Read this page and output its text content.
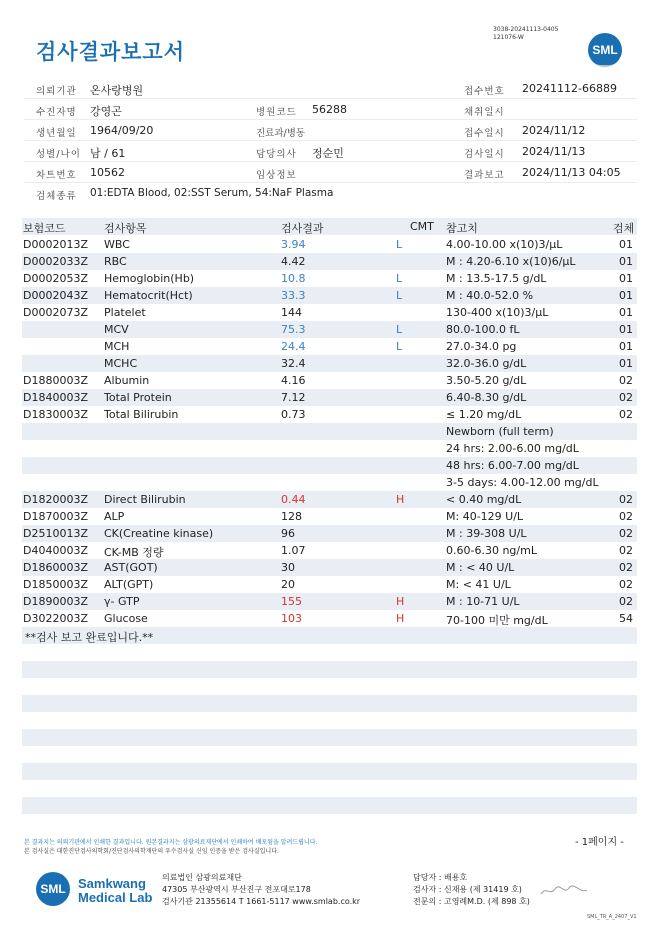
검사결과보고서
3038-20241113-0405
121076-W
SML
의뢰기관 온사랑병원	접수번호 20241112-66889
수진자명 강영곤	병원코드 56288	채취일시
생년월일 1964/09/20	진료과/병동	접수일시 2024/11/12
성별/나이 남 / 61	담당의사 정순민	검사일시 2024/11/13
차트번호 10562	임상정보	결과보고 2024/11/13 04:05
검체종류 01:EDTA Blood, 02:SST Serum, 54:NaF Plasma
보험코드	검사항목	검사결과	CMT 참고치	검체
D0002013Z WBC	3.94	L	4.00-10.00 x(10)3/μL	01
D0002033Z RBC	4.42	M : 4.20-6.10 x(10)6/μL	01
D0002053Z Hemoglobin(Hb)	10.8	L	M : 13.5-17.5 g/dL	01
D0002043Z Hematocrit(Hct)	33.3	L	M : 40.0-52.0 %	01
D0002073Z Platelet	144	130-400 x(10)3/μL	01
MCV	75.3	L	80.0-100.0 fL	01
MCH	24.4	L	27.0-34.0 pg	01
MCHC	32.4	32.0-36.0 g/dL	01
D1880003Z Albumin	4.16	3.50-5.20 g/dL	02
D1840003Z Total Protein	7.12	6.40-8.30 g/dL	02
D1830003Z Total Bilirubin	0.73	≤ 1.20 mg/dL	02
Newborn (full term)
24 hrs: 2.00-6.00 mg/dL
48 hrs: 6.00-7.00 mg/dL
3-5 days: 4.00-12.00 mg/dL
D1820003Z Direct Bilirubin	0.44	H	< 0.40 mg/dL	02
D1870003Z ALP	128	M: 40-129 U/L	02
D2510013Z CK(Creatine kinase)	96	M : 39-308 U/L	02
D4040003Z CK-MB 정량	1.07	0.60-6.30 ng/mL	02
D1860003Z AST(GOT)	30	M : < 40 U/L	02
D1850003Z ALT(GPT)	20	M: < 41 U/L	02
D1890003Z γ- GTP	155	H	M : 10-71 U/L	02
D3022003Z Glucose	103	H	70-100 미만 mg/dL	54
**검사 보고 완료입니다.**
본 결과지는 의뢰기관에서 인쇄한 결과입니다. 원본결과지는 삼광의료재단에서 인쇄하여 배포됨을 알려드립니다.
본 검사실은 대한진단검사의학회/진단검사의학재단의 우수검사실 신임 인증을 받은 검사실입니다.
- 1페이지 -
SML Samkwang
Medical Lab
의료법인 삼광의료재단
47305 부산광역시 부산진구 전포대로178
검사기관 21355614 T 1661-5117 www.smlab.co.kr
담당자 : 배용호
검사자 : 신재용 (제 31419 호)
전문의 : 고영례M.D. (제 898 호)
SML_TR_A_2407_V1
